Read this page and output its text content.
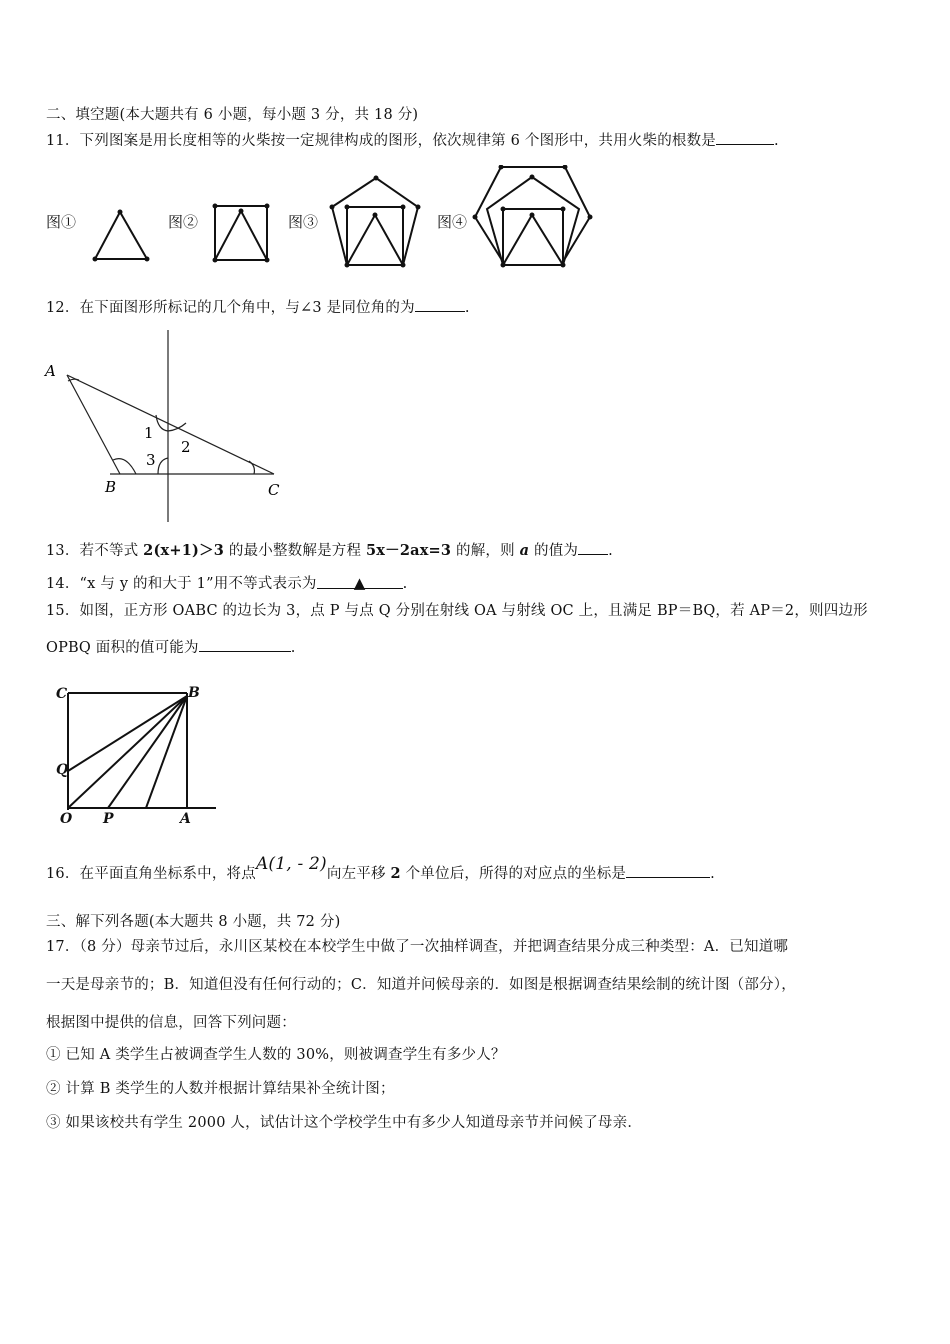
二、填空题(本大题共有 6 小题，每小题 3 分，共 18 分)
11．下列图案是用长度相等的火柴按一定规律构成的图形，依次规律第 6 个图形中，共用火柴的根数是	.
图①	图②	图③	图④
12．在下面图形所标记的几个角中，与∠3 是同位角的为	.
A
B	C
1
2
3
13．若不等式 2(x+1)＞3 的最小整数解是方程 5x－2ax=3 的解，则 a 的值为 .
14．“x 与 y 的和大于 1”用不等式表示为 ▲	.
15．如图，正方形 OABC 的边长为 3，点 P 与点 Q 分别在射线 OA 与射线 OC 上，且满足 BP＝BQ，若 AP＝2，则四边形
OPBQ 面积的值可能为	.
C	B
Q
O P	A
16．在平面直角坐标系中，将点A(1, - 2)向左平移 2 个单位后，所得的对应点的坐标是	.
三、解下列各题(本大题共 8 小题，共 72 分)
17．（8 分）母亲节过后，永川区某校在本校学生中做了一次抽样调查，并把调查结果分成三种类型：A．已知道哪
一天是母亲节的；B．知道但没有任何行动的；C．知道并问候母亲的．如图是根据调查结果绘制的统计图（部分），
根据图中提供的信息，回答下列问题：
① 已知 A 类学生占被调查学生人数的 30%，则被调查学生有多少人？
② 计算 B 类学生的人数并根据计算结果补全统计图；
③ 如果该校共有学生 2000 人，试估计这个学校学生中有多少人知道母亲节并问候了母亲．
